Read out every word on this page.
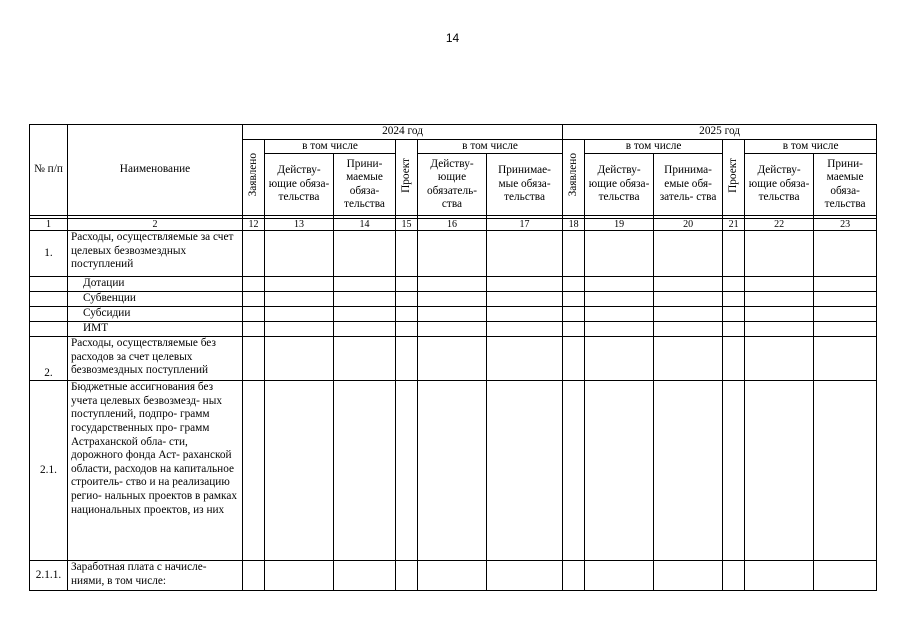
14
№ п/п	Наименование	2024 год						2025 год					
		Заявлено	в том числе		Проект	в том числе		Заявлено	в том числе		Проект	в том числе	
			Действу- ющие обяза- тельства	Прини- маемые обяза- тельства		Действу- ющие обязатель- ства	Принимае- мые обяза- тельства		Действу- ющие обяза- тельства	Принима- емые обя- затель- ства		Действу- ющие обяза- тельства	Прини- маемые обяза- тельства

1	2	12	13	14	15	16	17	18	19	20	21	22	23
1.	Расходы, осуществляемые за счет целевых безвозмездных поступлений												
	Дотации												
	Субвенции												
	Субсидии												
	ИМТ												
2.	Расходы, осуществляемые без расходов за счет целевых безвозмездных поступлений												
2.1.	Бюджетные ассигнования без учета целевых безвозмезд- ных поступлений, подпро- грамм государственных про- грамм Астраханской обла- сти, дорожного фонда Аст- раханской области, расходов на капитальное строитель- ство и на реализацию регио- нальных проектов в рамках национальных проектов, из них												
2.1.1.	Заработная плата с начисле- ниями, в том числе:												
